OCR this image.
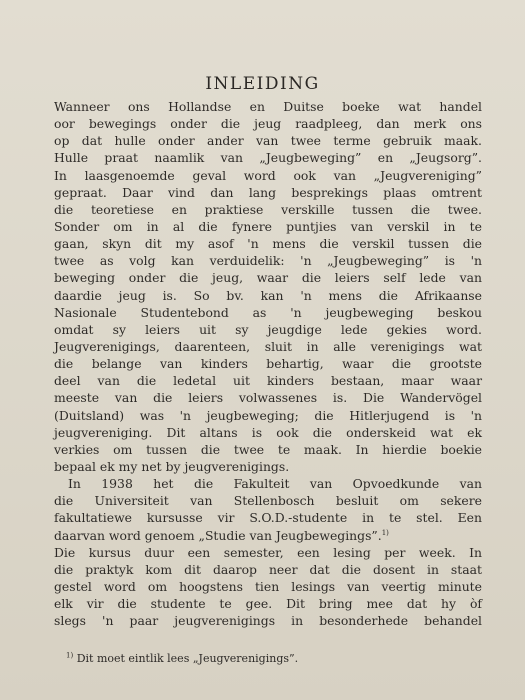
INLEIDING
Wanneer ons Hollandse en Duitse boeke wat handel
oor bewegings onder die jeug raadpleeg, dan merk ons
op dat hulle onder ander van twee terme gebruik maak.
Hulle praat naamlik van „Jeugbeweging” en „Jeugsorg”.
In laasgenoemde geval word ook van „Jeugvereniging”
gepraat. Daar vind dan lang besprekings plaas omtrent
die teoretiese en praktiese verskille tussen die twee.
Sonder om in al die fynere puntjies van verskil in te
gaan, skyn dit my asof 'n mens die verskil tussen die
twee as volg kan verduidelik: 'n „Jeugbeweging” is 'n
beweging onder die jeug, waar die leiers self lede van
daardie jeug is. So bv. kan 'n mens die Afrikaanse
Nasionale Studentebond as 'n jeugbeweging beskou
omdat sy leiers uit sy jeugdige lede gekies word.
Jeugverenigings, daarenteen, sluit in alle verenigings wat
die belange van kinders behartig, waar die grootste
deel van die ledetal uit kinders bestaan, maar waar
meeste van die leiers volwassenes is. Die Wandervögel
(Duitsland) was 'n jeugbeweging; die Hitlerjugend is 'n
jeugvereniging. Dit altans is ook die onderskeid wat ek
verkies om tussen die twee te maak. In hierdie boekie
bepaal ek my net by jeugverenigings.
In 1938 het die Fakulteit van Opvoedkunde van
die Universiteit van Stellenbosch besluit om sekere
fakultatiewe kursusse vir S.O.D.-studente in te stel. Een
daarvan word genoem „Studie van Jeugbewegings”.$^{1)}$
Die kursus duur een semester, een lesing per week. In
die praktyk kom dit daarop neer dat die dosent in staat
gestel word om hoogstens tien lesings van veertig minute
elk vir die studente te gee. Dit bring mee dat hy òf
slegs 'n paar jeugverenigings in besonderhede behandel
$^{1)}$ Dit moet eintlik lees „Jeugverenigings”.
